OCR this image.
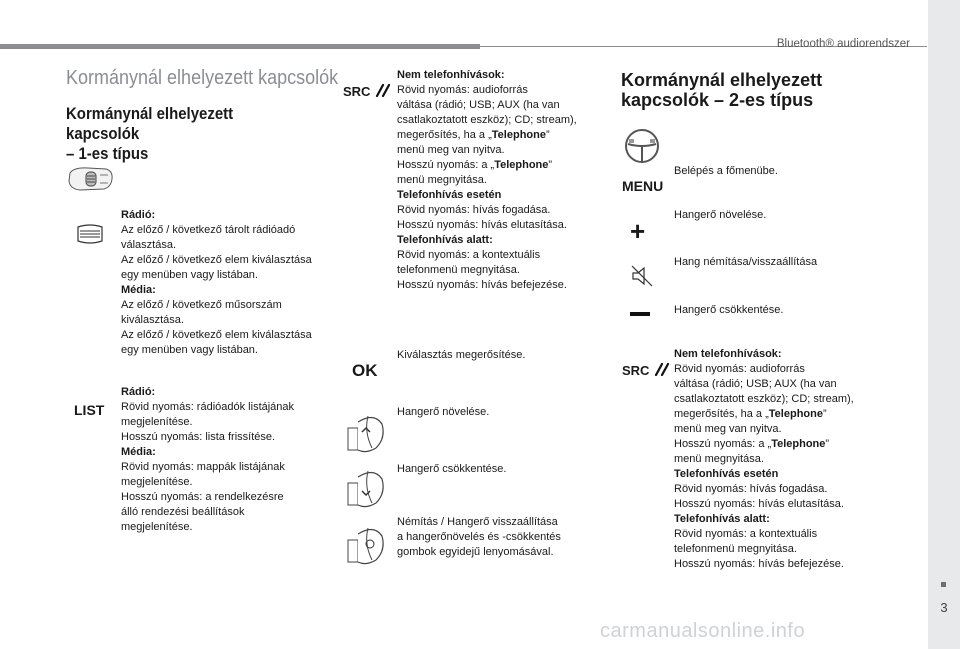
Bluetooth® audiorendszer
3
carmanualsonline.info
Kormánynál elhelyezett kapcsolók
Kormánynál elhelyezett kapcsolók
– 1-es típus
Rádió:
Az előző / következő tárolt rádióadó
választása.
Az előző / következő elem kiválasztása
egy menüben vagy listában.
Média:
Az előző / következő műsorszám
kiválasztása.
Az előző / következő elem kiválasztása
egy menüben vagy listában.
LIST
Rádió:
Rövid nyomás: rádióadók listájának
megjelenítése.
Hosszú nyomás: lista frissítése.
Média:
Rövid nyomás: mappák listájának
megjelenítése.
Hosszú nyomás: a rendelkezésre
álló rendezési beállítások
megjelenítése.
SRC
Nem telefonhívások:
Rövid nyomás: audioforrás
váltása (rádió; USB; AUX (ha van
csatlakoztatott eszköz); CD; stream),
megerősítés, ha a „Telephone”
menü meg van nyitva.
Hosszú nyomás: a „Telephone”
menü megnyitása.
Telefonhívás esetén
Rövid nyomás: hívás fogadása.
Hosszú nyomás: hívás elutasítása.
Telefonhívás alatt:
Rövid nyomás: a kontextuális
telefonmenü megnyitása.
Hosszú nyomás: hívás befejezése.
OK
Kiválasztás megerősítése.
Hangerő növelése.
Hangerő csökkentése.
Némítás / Hangerő visszaállítása
a hangerőnövelés és -csökkentés
gombok egyidejű lenyomásával.
Kormánynál elhelyezett
kapcsolók – 2-es típus
MENU
Belépés a főmenübe.
+
Hangerő növelése.
Hang némítása/visszaállítása
Hangerő csökkentése.
SRC
Nem telefonhívások:
Rövid nyomás: audioforrás
váltása (rádió; USB; AUX (ha van
csatlakoztatott eszköz); CD; stream),
megerősítés, ha a „Telephone”
menü meg van nyitva.
Hosszú nyomás: a „Telephone”
menü megnyitása.
Telefonhívás esetén
Rövid nyomás: hívás fogadása.
Hosszú nyomás: hívás elutasítása.
Telefonhívás alatt:
Rövid nyomás: a kontextuális
telefonmenü megnyitása.
Hosszú nyomás: hívás befejezése.
